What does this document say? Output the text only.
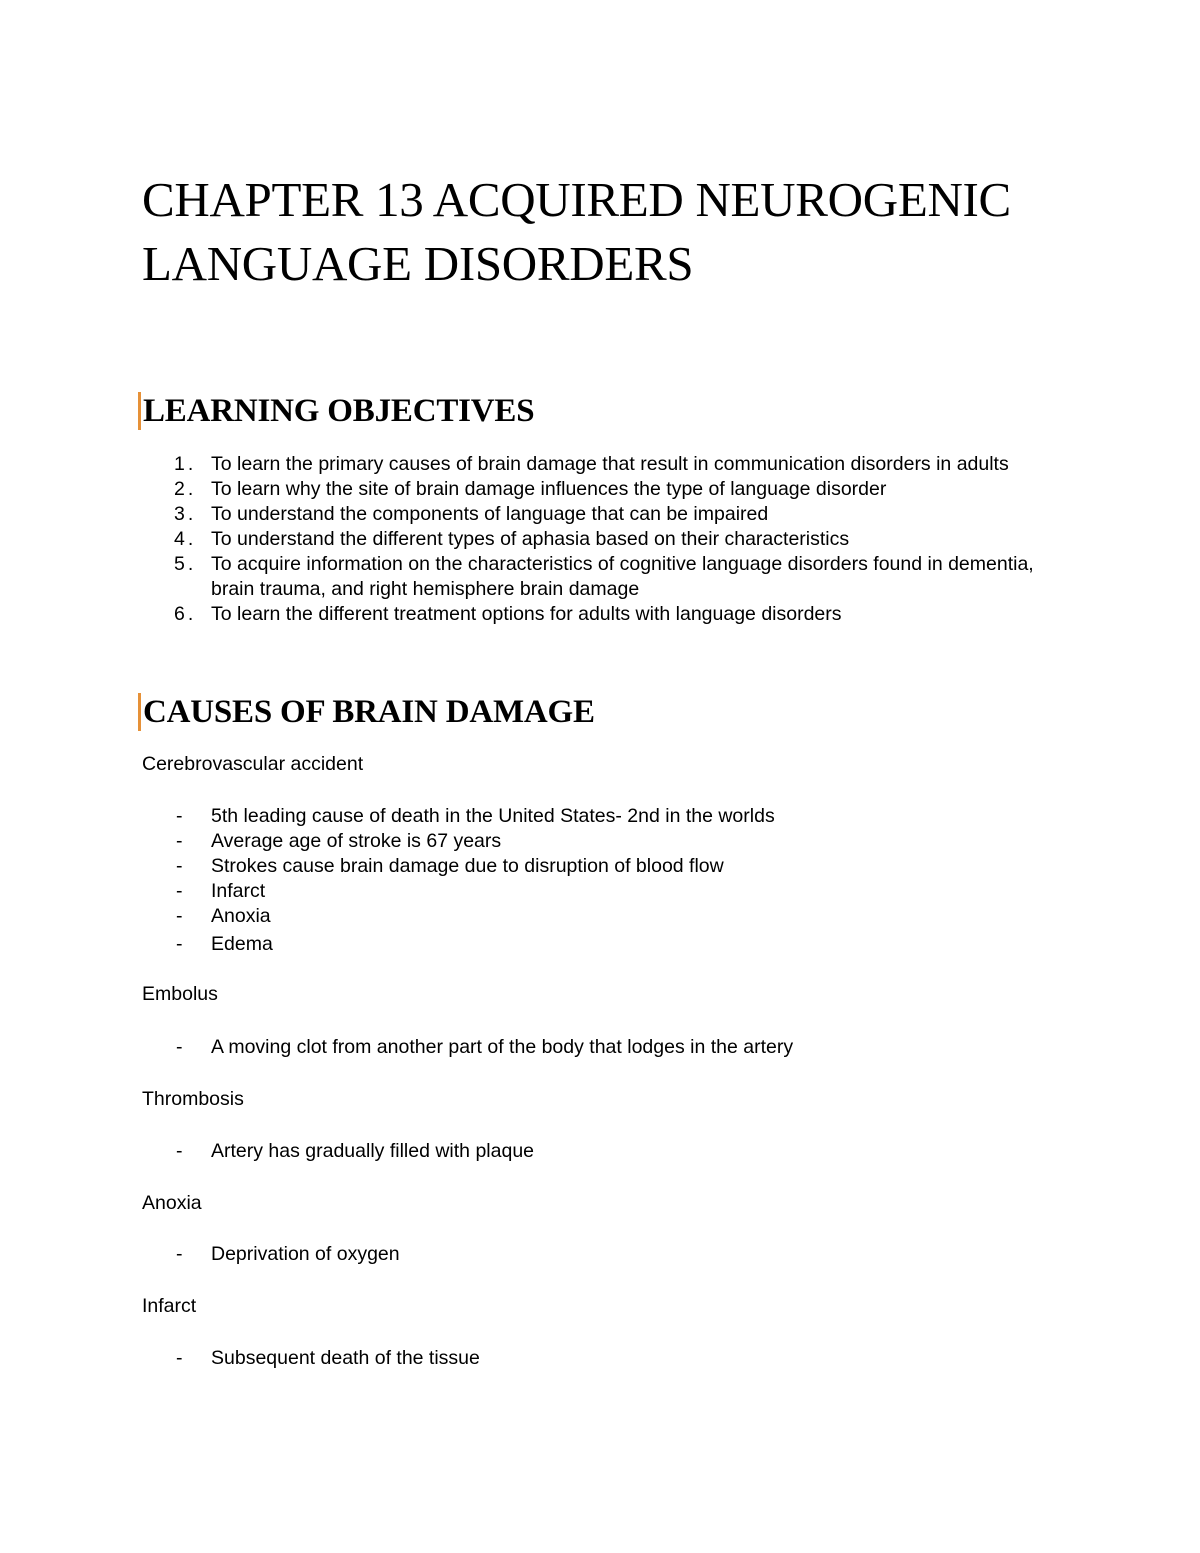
CHAPTER 13 ACQUIRED NEUROGENIC LANGUAGE DISORDERS
LEARNING OBJECTIVES
1. To learn the primary causes of brain damage that result in communication disorders in adults
2. To learn why the site of brain damage influences the type of language disorder
3. To understand the components of language that can be impaired
4. To understand the different types of aphasia based on their characteristics
5. To acquire information on the characteristics of cognitive language disorders found in dementia, brain trauma, and right hemisphere brain damage
6. To learn the different treatment options for adults with language disorders
CAUSES OF BRAIN DAMAGE

Cerebrovascular accident

- 5th leading cause of death in the United States- 2nd in the worlds
- Average age of stroke is 67 years
- Strokes cause brain damage due to disruption of blood flow
- Infarct
- Anoxia
- Edema

Embolus

- A moving clot from another part of the body that lodges in the artery

Thrombosis

- Artery has gradually filled with plaque

Anoxia

- Deprivation of oxygen

Infarct

- Subsequent death of the tissue
